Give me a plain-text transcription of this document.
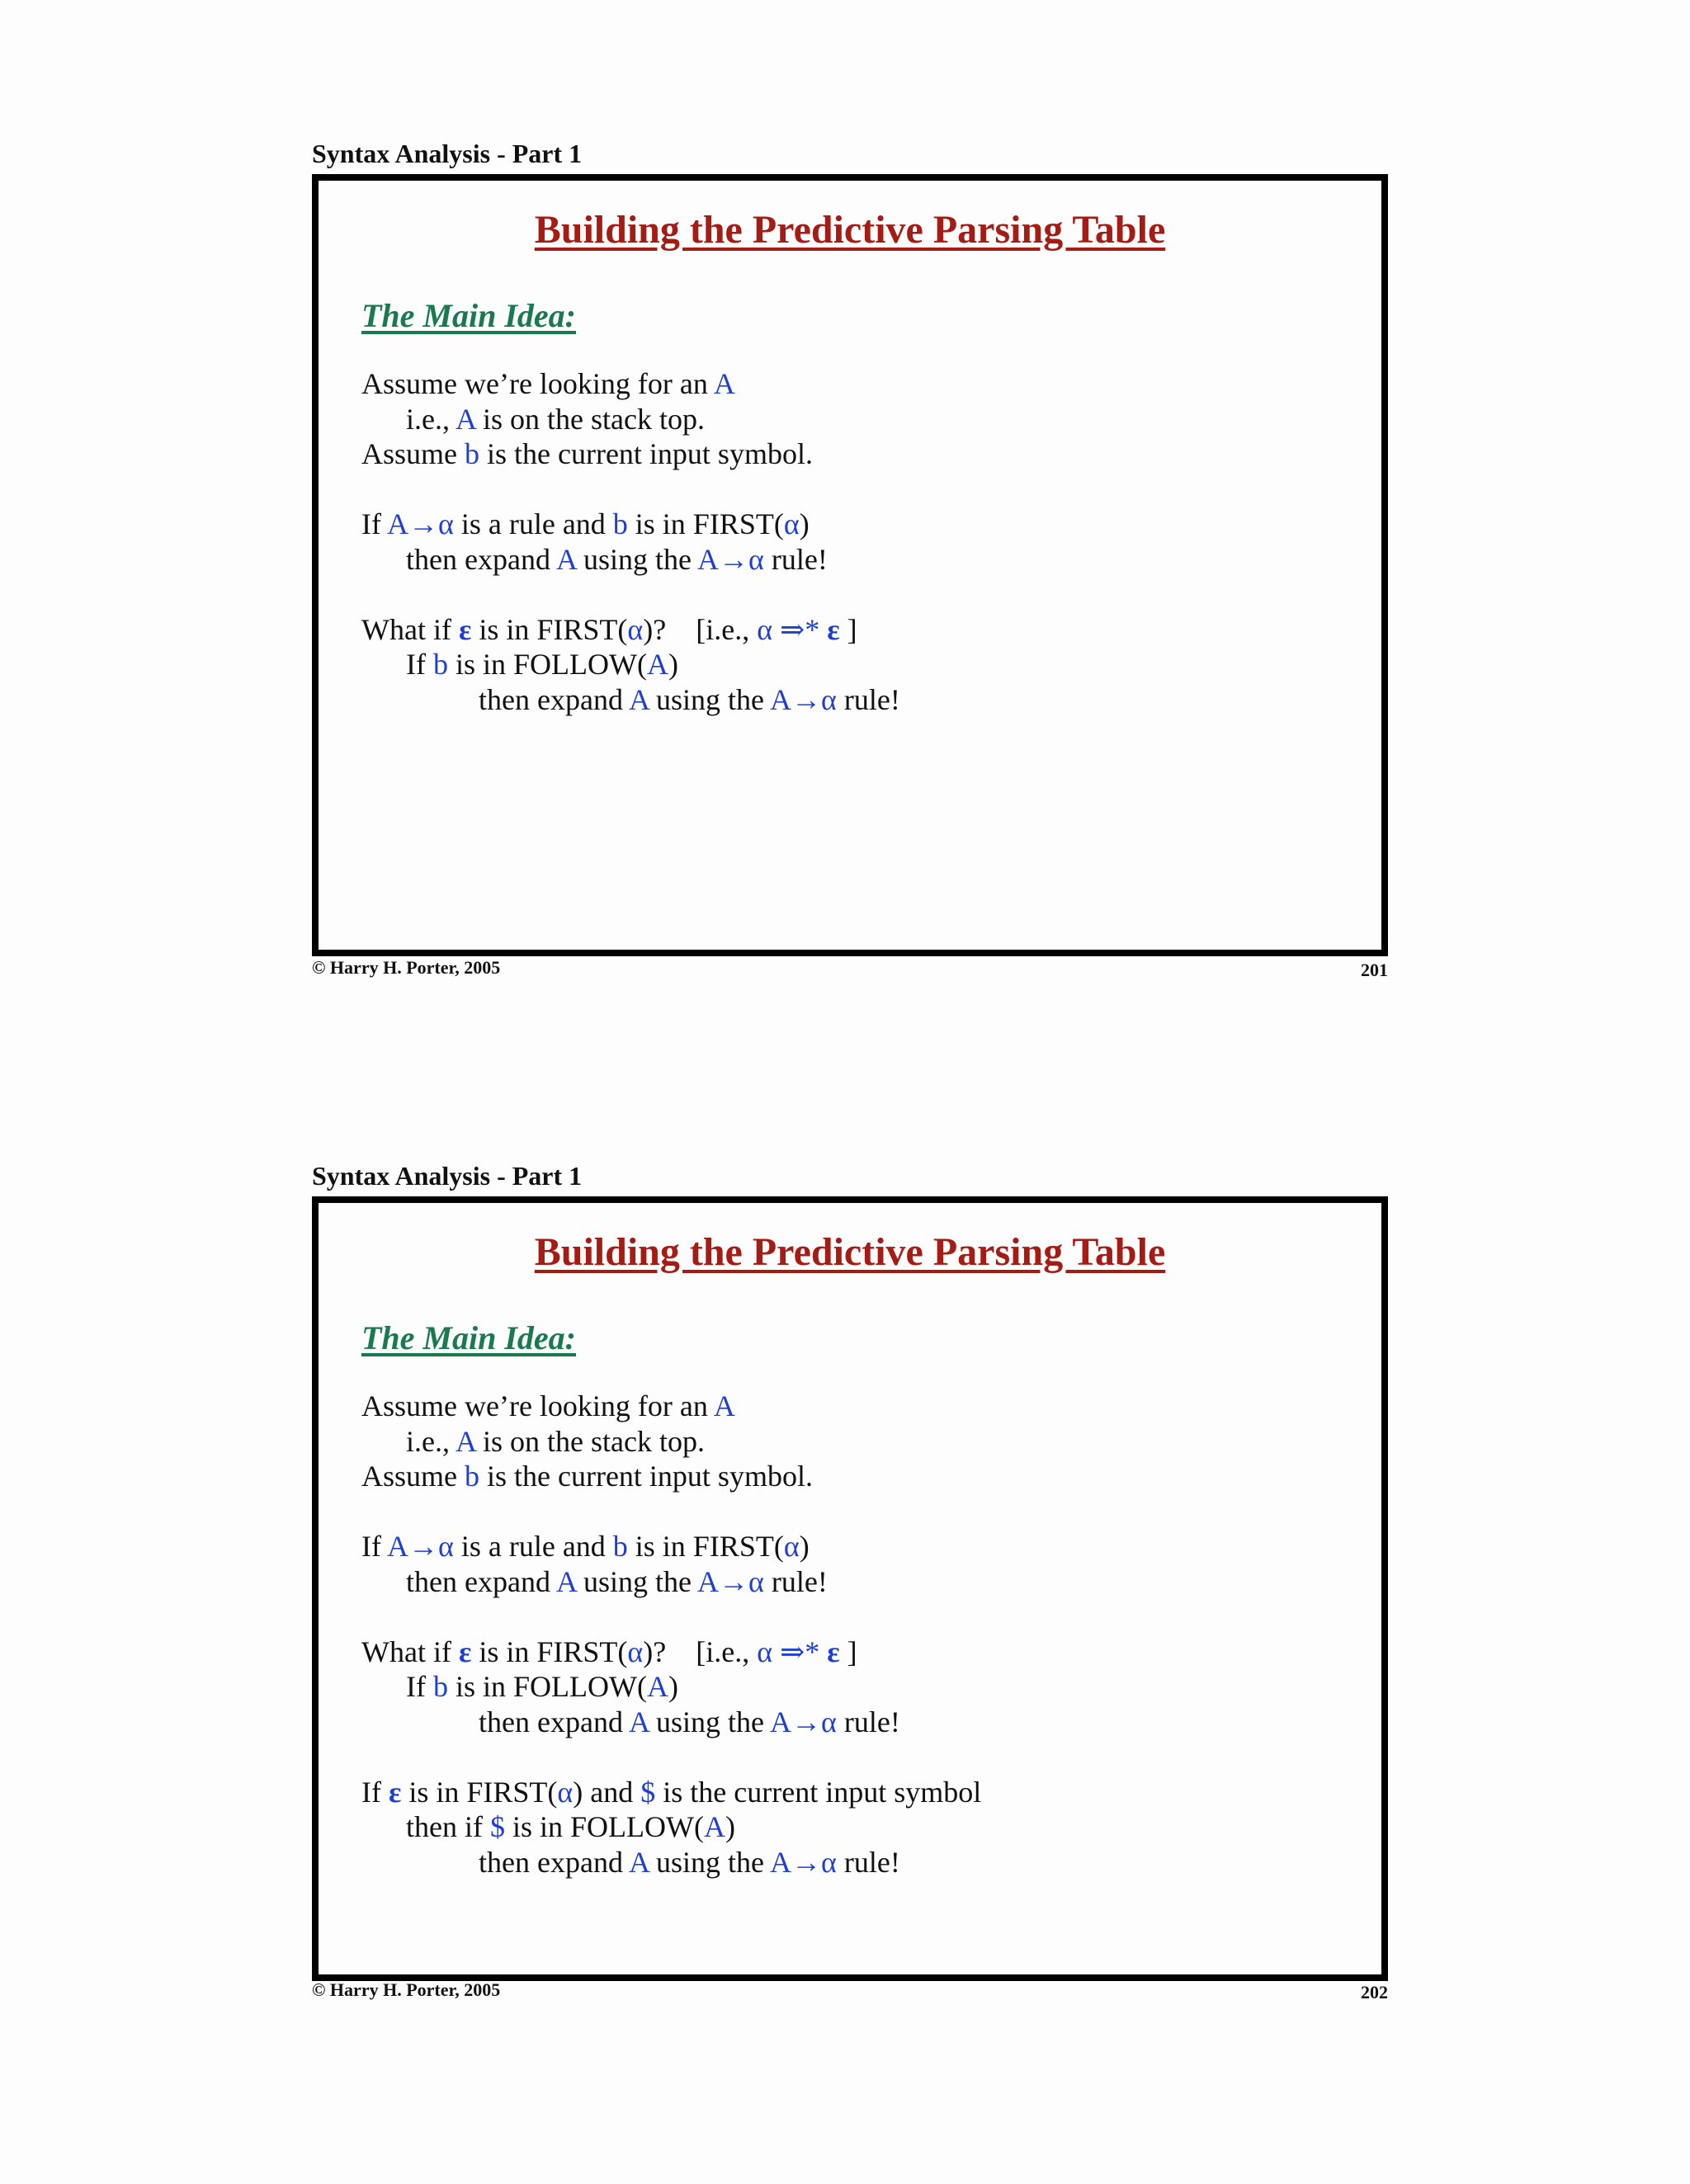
Syntax Analysis - Part 1
Building the Predictive Parsing Table
The Main Idea:
Assume we’re looking for an A
i.e., A is on the stack top.
Assume b is the current input symbol.
If A→α is a rule and b is in FIRST(α)
then expand A using the A→α rule!
What if ε is in FIRST(α)?    [i.e., α ⇒* ε ]
If b is in FOLLOW(A)
then expand A using the A→α rule!
© Harry H. Porter, 2005	201
Syntax Analysis - Part 1
Building the Predictive Parsing Table
The Main Idea:
Assume we’re looking for an A
i.e., A is on the stack top.
Assume b is the current input symbol.
If A→α is a rule and b is in FIRST(α)
then expand A using the A→α rule!
What if ε is in FIRST(α)?    [i.e., α ⇒* ε ]
If b is in FOLLOW(A)
then expand A using the A→α rule!
If ε is in FIRST(α) and $ is the current input symbol
then if $ is in FOLLOW(A)
then expand A using the A→α rule!
© Harry H. Porter, 2005	202
